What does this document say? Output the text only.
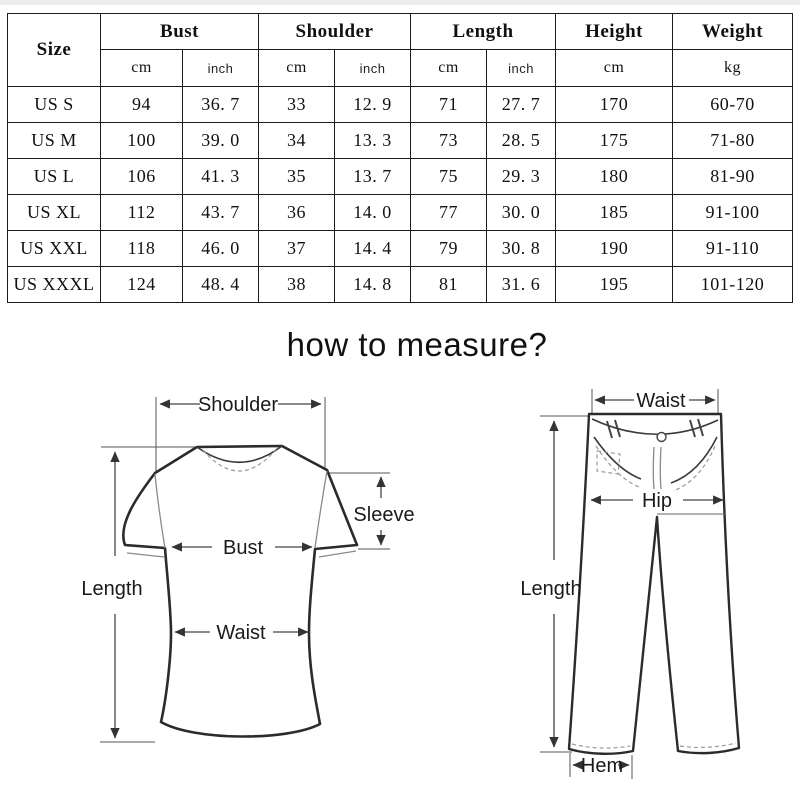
Size	Bust		Shoulder		Length		Height	Weight
	cm	inch	cm	inch	cm	inch	cm	kg
US S	94	36. 7	33	12. 9	71	27. 7	170	60-70
US M	100	39. 0	34	13. 3	73	28. 5	175	71-80
US L	106	41. 3	35	13. 7	75	29. 3	180	81-90
US XL	112	43. 7	36	14. 0	77	30. 0	185	91-100
US XXL	118	46. 0	37	14. 4	79	30. 8	190	91-110
US XXXL	124	48. 4	38	14. 8	81	31. 6	195	101-120
how to measure?
Shoulder
Sleeve
Bust
Length
Waist
Waist
Hip
Length
Hem
